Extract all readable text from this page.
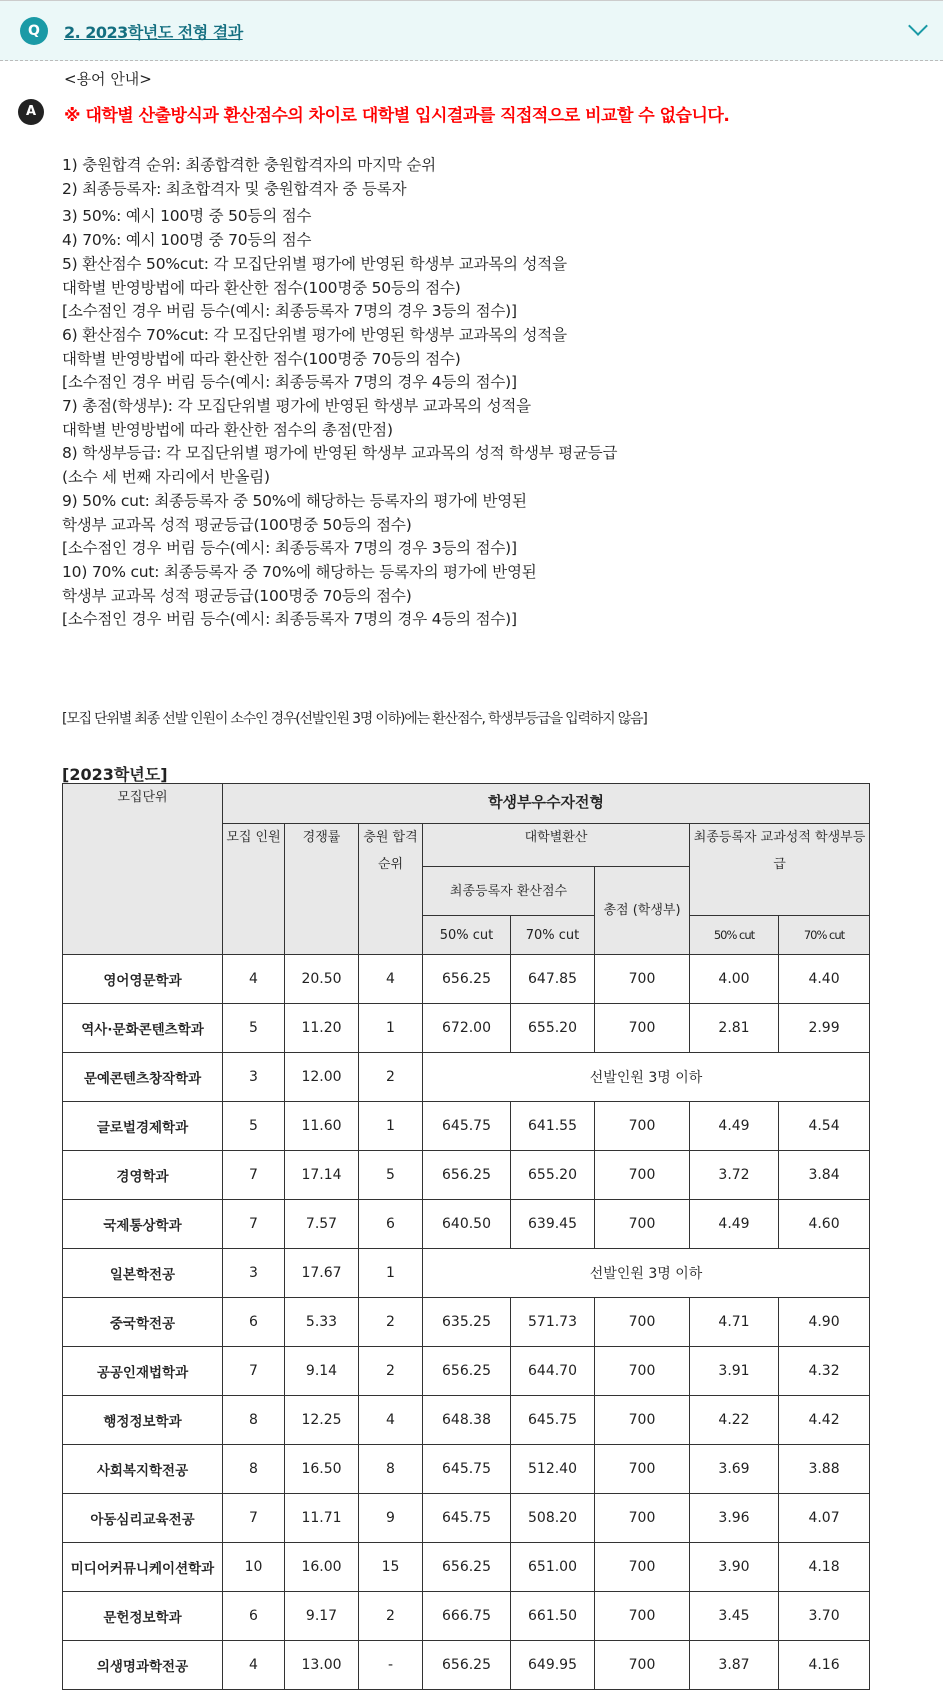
Q	2. 2023학년도 전형 결과
A
<용어 안내>
※ 대학별 산출방식과 환산점수의 차이로 대학별 입시결과를 직접적으로 비교할 수 없습니다.
1) 충원합격 순위: 최종합격한 충원합격자의 마지막 순위
2) 최종등록자: 최초합격자 및 충원합격자 중 등록자
3) 50%: 예시 100명 중 50등의 점수
4) 70%: 예시 100명 중 70등의 점수
5) 환산점수 50%cut: 각 모집단위별 평가에 반영된 학생부 교과목의 성적을
대학별 반영방법에 따라 환산한 점수(100명중 50등의 점수)
[소수점인 경우 버림 등수(예시: 최종등록자 7명의 경우 3등의 점수)]
6) 환산점수 70%cut: 각 모집단위별 평가에 반영된 학생부 교과목의 성적을
대학별 반영방법에 따라 환산한 점수(100명중 70등의 점수)
[소수점인 경우 버림 등수(예시: 최종등록자 7명의 경우 4등의 점수)]
7) 총점(학생부): 각 모집단위별 평가에 반영된 학생부 교과목의 성적을
대학별 반영방법에 따라 환산한 점수의 총점(만점)
8) 학생부등급: 각 모집단위별 평가에 반영된 학생부 교과목의 성적 학생부 평균등급
(소수 세 번째 자리에서 반올림)
9) 50% cut: 최종등록자 중 50%에 해당하는 등록자의 평가에 반영된
학생부 교과목 성적 평균등급(100명중 50등의 점수)
[소수점인 경우 버림 등수(예시: 최종등록자 7명의 경우 3등의 점수)]
10) 70% cut: 최종등록자 중 70%에 해당하는 등록자의 평가에 반영된
학생부 교과목 성적 평균등급(100명중 70등의 점수)
[소수점인 경우 버림 등수(예시: 최종등록자 7명의 경우 4등의 점수)]
[모집 단위별 최종 선발 인원이 소수인 경우(선발인원 3명 이하)에는 환산점수, 학생부등급을 입력하지 않음]
[2023학년도]
모집단위	학생부우수자전형							
	모집 인원	경쟁률	충원 합격 순위	대학별환산			최종등록자 교과성적 학생부등급	
				최종등록자 환산점수		총점 (학생부)		
				50% cut	70% cut		50% cut	70% cut
영어영문학과	4	20.50	4	656.25	647.85	700	4.00	4.40
역사·문화콘텐츠학과	5	11.20	1	672.00	655.20	700	2.81	2.99
문예콘텐츠창작학과	3	12.00	2	선발인원 3명 이하				
글로벌경제학과	5	11.60	1	645.75	641.55	700	4.49	4.54
경영학과	7	17.14	5	656.25	655.20	700	3.72	3.84
국제통상학과	7	7.57	6	640.50	639.45	700	4.49	4.60
일본학전공	3	17.67	1	선발인원 3명 이하				
중국학전공	6	5.33	2	635.25	571.73	700	4.71	4.90
공공인재법학과	7	9.14	2	656.25	644.70	700	3.91	4.32
행정정보학과	8	12.25	4	648.38	645.75	700	4.22	4.42
사회복지학전공	8	16.50	8	645.75	512.40	700	3.69	3.88
아동심리교육전공	7	11.71	9	645.75	508.20	700	3.96	4.07
미디어커뮤니케이션학과	10	16.00	15	656.25	651.00	700	3.90	4.18
문헌정보학과	6	9.17	2	666.75	661.50	700	3.45	3.70
의생명과학전공	4	13.00	-	656.25	649.95	700	3.87	4.16
